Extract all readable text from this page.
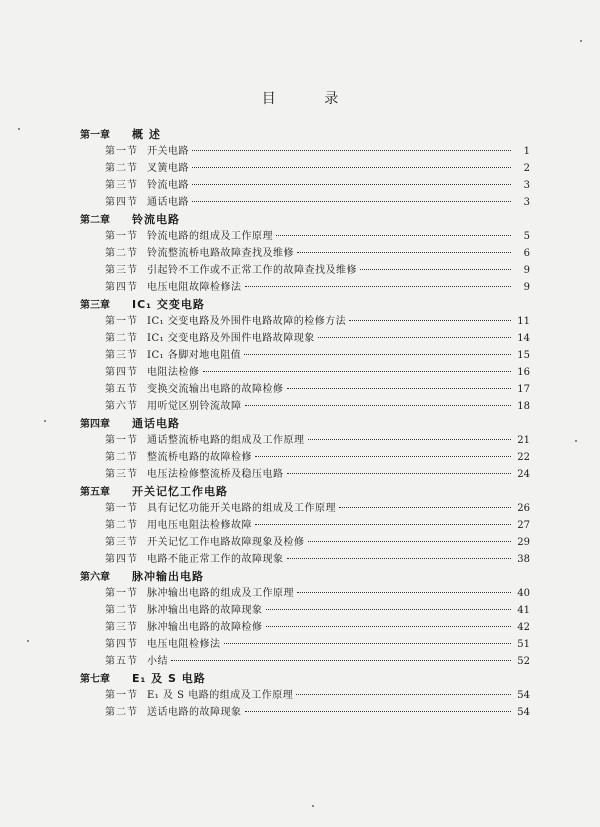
目 录
第一章 概 述
第一节 开关电路	1
第二节 叉簧电路	2
第三节 铃流电路	3
第四节 通话电路	3
第二章 铃流电路
第一节 铃流电路的组成及工作原理	5
第二节 铃流整流桥电路故障查找及维修	6
第三节 引起铃不工作或不正常工作的故障查找及维修	9
第四节 电压电阻故障检修法	9
第三章 IC₁ 交变电路
第一节 IC₁ 交变电路及外围件电路故障的检修方法	11
第二节 IC₁ 交变电路及外围件电路故障现象	14
第三节 IC₁ 各脚对地电阻值	15
第四节 电阻法检修	16
第五节 变换交流输出电路的故障检修	17
第六节 用听觉区别铃流故障	18
第四章 通话电路
第一节 通话整流桥电路的组成及工作原理	21
第二节 整流桥电路的故障检修	22
第三节 电压法检修整流桥及稳压电路	24
第五章 开关记忆工作电路
第一节 具有记忆功能开关电路的组成及工作原理	26
第二节 用电压电阻法检修故障	27
第三节 开关记忆工作电路故障现象及检修	29
第四节 电路不能正常工作的故障现象	38
第六章 脉冲输出电路
第一节 脉冲输出电路的组成及工作原理	40
第二节 脉冲输出电路的故障现象	41
第三节 脉冲输出电路的故障检修	42
第四节 电压电阻检修法	51
第五节 小结	52
第七章 E₁ 及 S 电路
第一节 E₁ 及 S 电路的组成及工作原理	54
第二节 送话电路的故障现象	54
